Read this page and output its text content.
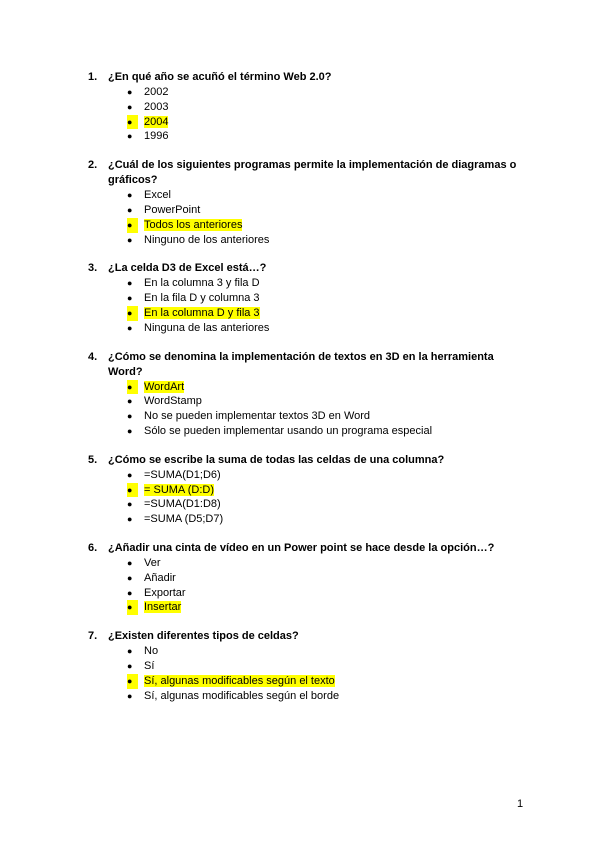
1. ¿En qué año se acuñó el término Web 2.0?
● 2002
● 2003
●	2004
● 1996
2. ¿Cuál de los siguientes programas permite la implementación de diagramas o gráficos?
● Excel
● PowerPoint
●	Todos los anteriores
● Ninguno de los anteriores
3. ¿La celda D3 de Excel está…?
● En la columna 3 y fila D
● En la fila D y columna 3
●	En la columna D y fila 3
● Ninguna de las anteriores
4. ¿Cómo se denomina la implementación de textos en 3D en la herramienta Word?
●	WordArt
● WordStamp
● No se pueden implementar textos 3D en Word
● Sólo se pueden implementar usando un programa especial
5. ¿Cómo se escribe la suma de todas las celdas de una columna?
● =SUMA(D1;D6)
●	= SUMA (D:D)
● =SUMA(D1:D8)
● =SUMA (D5;D7)
6. ¿Añadir una cinta de vídeo en un Power point se hace desde la opción…?
● Ver
● Añadir
● Exportar
●	Insertar
7. ¿Existen diferentes tipos de celdas?
● No
● Sí
●	Sí, algunas modificables según el texto
● Sí, algunas modificables según el borde
1
